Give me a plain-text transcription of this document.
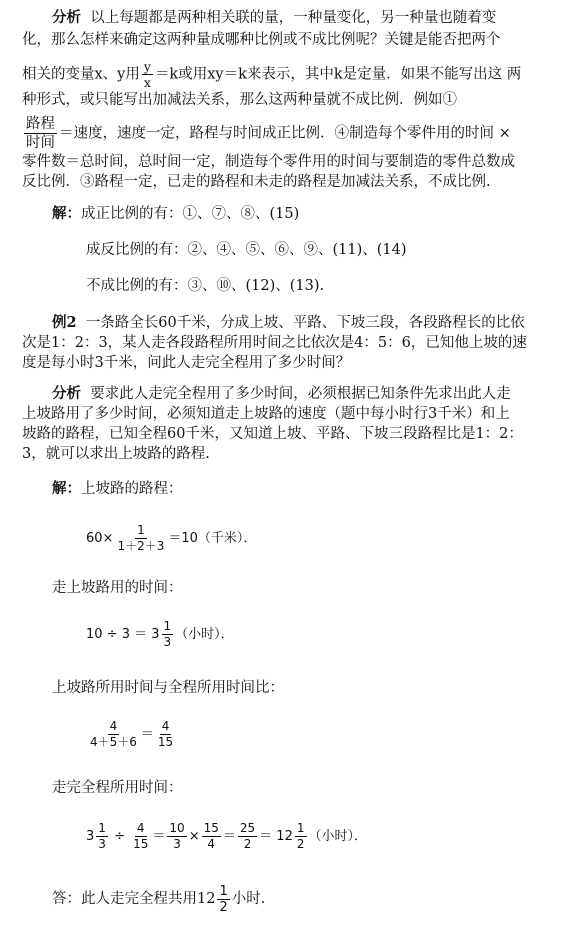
分析 以上每题都是两种相关联的量，一种量变化，另一种量也随着变
化，那么怎样来确定这两种量成哪种比例或不成比例呢？关键是能否把两个
相关的变量x、y用 $\frac{y}{x} =k$或用xy＝k来表示，其中k是定量．如果不能写出这 两
种形式，或只能写出加减法关系，那么这两种量就不成比例．例如①
$\frac{\text{路程}}{\text{时间}}$ ＝速度，速度一定，路程与时间成正比例．④制造每个零件用的时间 ×
零件数＝总时间，总时间一定，制造每个零件用的时间与要制造的零件总数成
反比例．③路程一定，已走的路程和未走的路程是加减法关系，不成比例.
解：成正比例的有：①、⑦、⑧、(15)
成反比例的有：②、④、⑤、⑥、⑨、(11)、(14)
不成比例的有：③、⑩、(12)、(13).
例2 一条路全长60千米，分成上坡、平路、下坡三段，各段路程长的比依
次是1：2：3，某人走各段路程所用时间之比依次是4：5：6，已知他上坡的速
度是每小时3千米，问此人走完全程用了多少时间？
分析 要求此人走完全程用了多少时间，必须根据已知条件先求出此人走
上坡路用了多少时间，必须知道走上坡路的速度（题中每小时行3千米）和上
坡路的路程，已知全程60千米，又知道上坡、平路、下坡三段路程比是1：2：
3，就可以求出上坡路的路程.
解：上坡路的路程：
$60\times \frac{1}{1+2+3} =10$（千米）．
走上坡路用的时间：
$10 \div 3 = 3 \frac{1}{3}$ （小时）．
上坡路所用时间与全程所用时间比：
$\frac{4}{4+5+6} = \frac{4}{15}$
走完全程所用时间：
$3 \frac{1}{3} \div \frac{4}{15} = \frac{10}{3} \times \frac{15}{4} = \frac{25}{2} = 12 \frac{1}{2}$ （小时）．
答：此人走完全程共用$12 \frac{1}{2}$ 小时.
